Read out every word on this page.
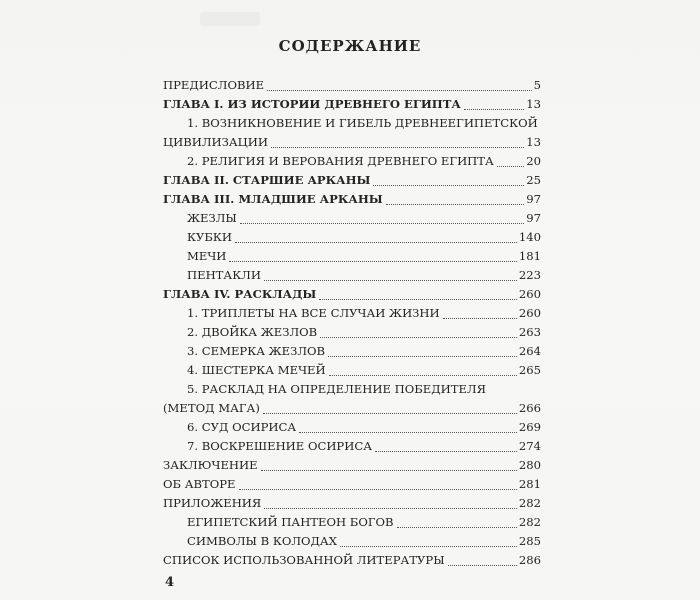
СОДЕРЖАНИЕ
ПРЕДИСЛОВИЕ	5
ГЛАВА I. ИЗ ИСТОРИИ ДРЕВНЕГО ЕГИПТА	13
1. ВОЗНИКНОВЕНИЕ И ГИБЕЛЬ ДРЕВНЕЕГИПЕТСКОЙ
ЦИВИЛИЗАЦИИ	13
2. РЕЛИГИЯ И ВЕРОВАНИЯ ДРЕВНЕГО ЕГИПТА	20
ГЛАВА II. СТАРШИЕ АРКАНЫ	25
ГЛАВА III. МЛАДШИЕ АРКАНЫ	97
ЖЕЗЛЫ	97
КУБКИ	140
МЕЧИ	181
ПЕНТАКЛИ	223
ГЛАВА IV. РАСКЛАДЫ	260
1. ТРИПЛЕТЫ НА ВСЕ СЛУЧАИ ЖИЗНИ	260
2. ДВОЙКА ЖЕЗЛОВ	263
3. СЕМЕРКА ЖЕЗЛОВ	264
4. ШЕСТЕРКА МЕЧЕЙ	265
5. РАСКЛАД НА ОПРЕДЕЛЕНИЕ ПОБЕДИТЕЛЯ
(МЕТОД МАГА)	266
6. СУД ОСИРИСА	269
7. ВОСКРЕШЕНИЕ ОСИРИСА	274
ЗАКЛЮЧЕНИЕ	280
ОБ АВТОРЕ	281
ПРИЛОЖЕНИЯ	282
ЕГИПЕТСКИЙ ПАНТЕОН БОГОВ	282
СИМВОЛЫ В КОЛОДАХ	285
СПИСОК ИСПОЛЬЗОВАННОЙ ЛИТЕРАТУРЫ	286
4
